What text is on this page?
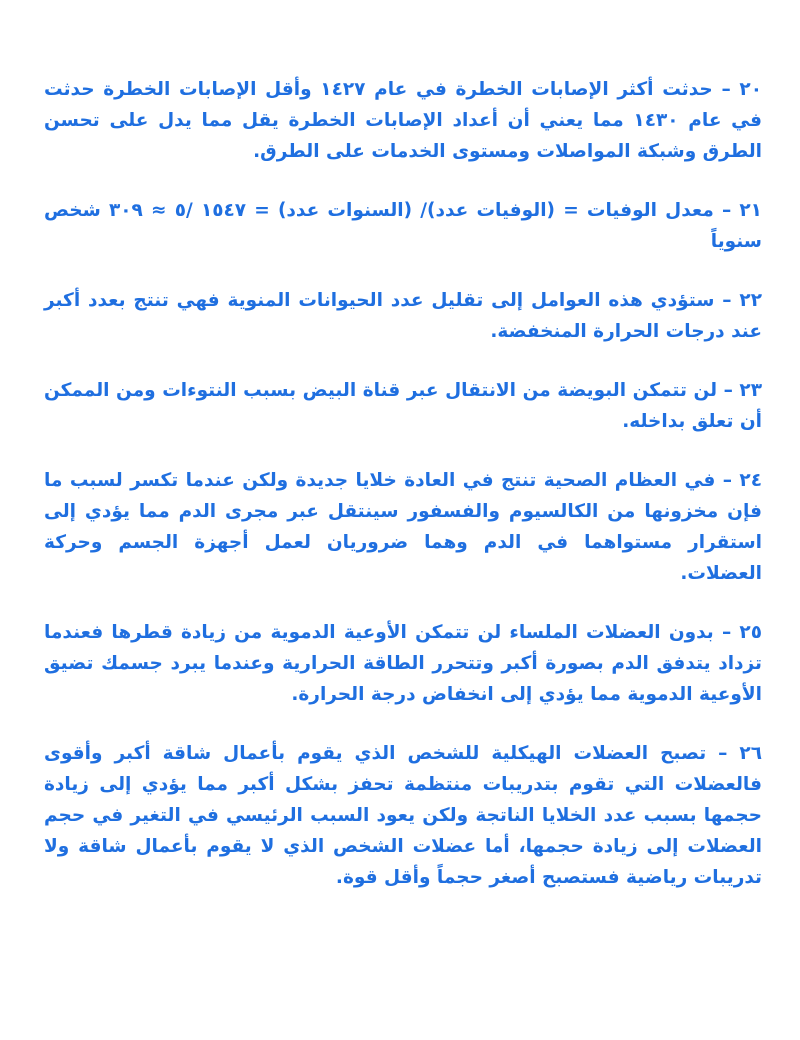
٢٠ – حدثت أكثر الإصابات الخطرة في عام ١٤٢٧ وأقل الإصابات الخطرة حدثت في عام ١٤٣٠ مما يعني أن أعداد الإصابات الخطرة يقل مما يدل على تحسن الطرق وشبكة المواصلات ومستوى الخدمات على الطرق.

٢١ – معدل الوفيات = (الوفيات عدد)/ (السنوات عدد) = ١٥٤٧ /٥ ≈ ٣٠٩ شخص سنوياً

٢٢ – ستؤدي هذه العوامل إلى تقليل عدد الحيوانات المنوية فهي تنتج بعدد أكبر عند درجات الحرارة المنخفضة.

٢٣ – لن تتمكن البويضة من الانتقال عبر قناة البيض بسبب النتوءات ومن الممكن أن تعلق بداخله.

٢٤ – في العظام الصحية تنتج في العادة خلايا جديدة ولكن عندما تكسر لسبب ما فإن مخزونها من الكالسيوم والفسفور سينتقل عبر مجرى الدم مما يؤدي إلى استقرار مستواهما في الدم وهما ضروريان لعمل أجهزة الجسم وحركة العضلات.

٢٥ – بدون العضلات الملساء لن تتمكن الأوعية الدموية من زيادة قطرها فعندما تزداد يتدفق الدم بصورة أكبر وتتحرر الطاقة الحرارية وعندما يبرد جسمك تضيق الأوعية الدموية مما يؤدي إلى انخفاض درجة الحرارة.

٢٦ – تصبح العضلات الهيكلية للشخص الذي يقوم بأعمال شاقة أكبر وأقوى فالعضلات التي تقوم بتدريبات منتظمة تحفز بشكل أكبر مما يؤدي إلى زيادة حجمها بسبب عدد الخلايا الناتجة ولكن يعود السبب الرئيسي في التغير في حجم العضلات إلى زيادة حجمها، أما عضلات الشخص الذي لا يقوم بأعمال شاقة ولا تدريبات رياضية فستصبح أصغر حجماً وأقل قوة.
